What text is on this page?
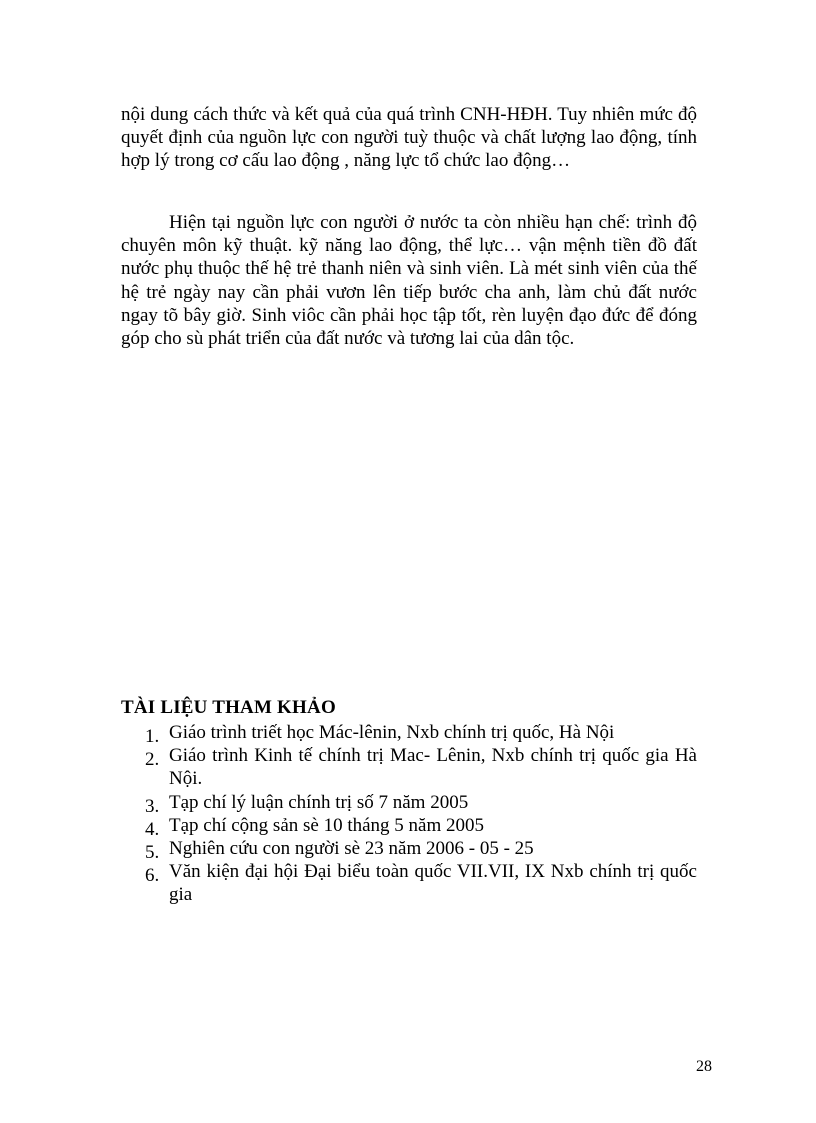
nội dung cách thức và kết quả của quá trình CNH-HĐH. Tuy nhiên mức độ quyết định của nguồn lực con người tuỳ thuộc và chất lượng lao động, tính hợp lý trong cơ cấu lao động , năng lực tổ chức lao động…

Hiện tại nguồn lực con người ở nước ta còn nhiều hạn chế: trình độ chuyên môn kỹ thuật. kỹ năng lao động, thể lực… vận mệnh tiền đồ đất nước phụ thuộc thế hệ trẻ thanh niên và sinh viên. Là mét sinh viên của thế hệ trẻ ngày nay cần phải vươn lên tiếp bước cha anh, làm chủ đất nước ngay tõ bây giờ. Sinh viôc cần phải học tập tốt, rèn luyện đạo đức để đóng góp cho sù phát triển của đất nước và tương lai của dân tộc.

TÀI LIỆU THAM KHẢO
1. Giáo trình triết học Mác-lênin, Nxb chính trị quốc, Hà Nội
2. Giáo trình Kinh tế chính trị Mac- Lênin, Nxb chính trị quốc gia Hà Nội.
3. Tạp chí lý luận chính trị số 7 năm 2005
4. Tạp chí cộng sản sè 10 tháng 5 năm 2005
5. Nghiên cứu con người sè 23 năm 2006 - 05 - 25
6. Văn kiện đại hội Đại biểu toàn quốc VII.VII, IX Nxb chính trị quốc gia
28
